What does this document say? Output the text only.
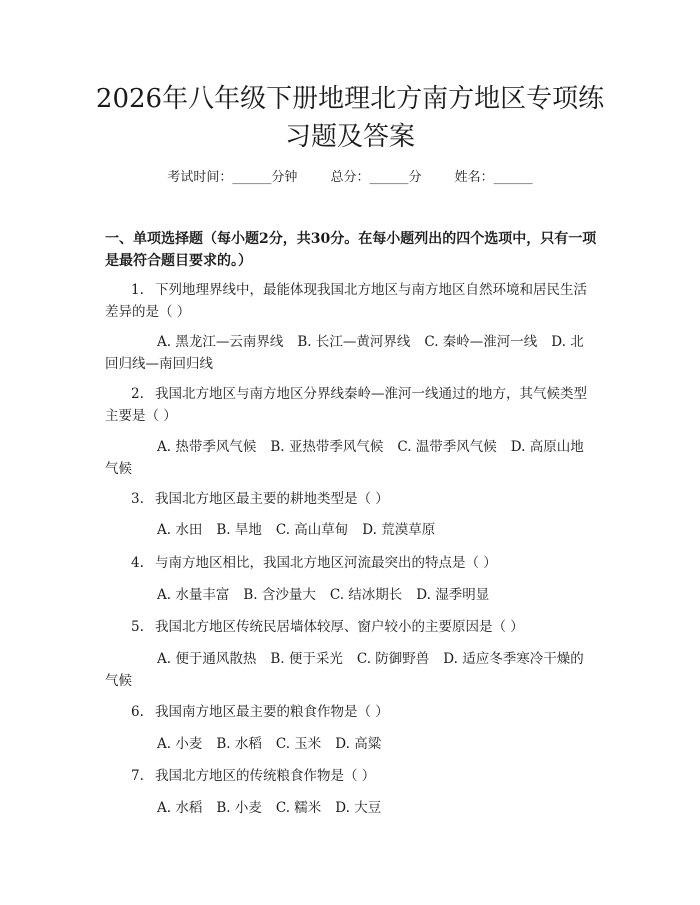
2026年八年级下册地理北方南方地区专项练习题及答案
考试时间：______分钟	总分：______分	姓名：______
一、单项选择题（每小题2分，共30分。在每小题列出的四个选项中，只有一项是最符合题目要求的。）

1. 下列地理界线中，最能体现我国北方地区与南方地区自然环境和居民生活差异的是（ ）

A. 黑龙江—云南界线 B. 长江—黄河界线 C. 秦岭—淮河一线 D. 北回归线—南回归线

2. 我国北方地区与南方地区分界线秦岭—淮河一线通过的地方，其气候类型主要是（ ）

A. 热带季风气候 B. 亚热带季风气候 C. 温带季风气候 D. 高原山地气候

3. 我国北方地区最主要的耕地类型是（ ）

A. 水田 B. 旱地 C. 高山草甸 D. 荒漠草原

4. 与南方地区相比，我国北方地区河流最突出的特点是（ ）

A. 水量丰富 B. 含沙量大 C. 结冰期长 D. 湿季明显

5. 我国北方地区传统民居墙体较厚、窗户较小的主要原因是（ ）

A. 便于通风散热 B. 便于采光 C. 防御野兽 D. 适应冬季寒冷干燥的气候

6. 我国南方地区最主要的粮食作物是（ ）

A. 小麦 B. 水稻 C. 玉米 D. 高粱

7. 我国北方地区的传统粮食作物是（ ）

A. 水稻 B. 小麦 C. 糯米 D. 大豆
